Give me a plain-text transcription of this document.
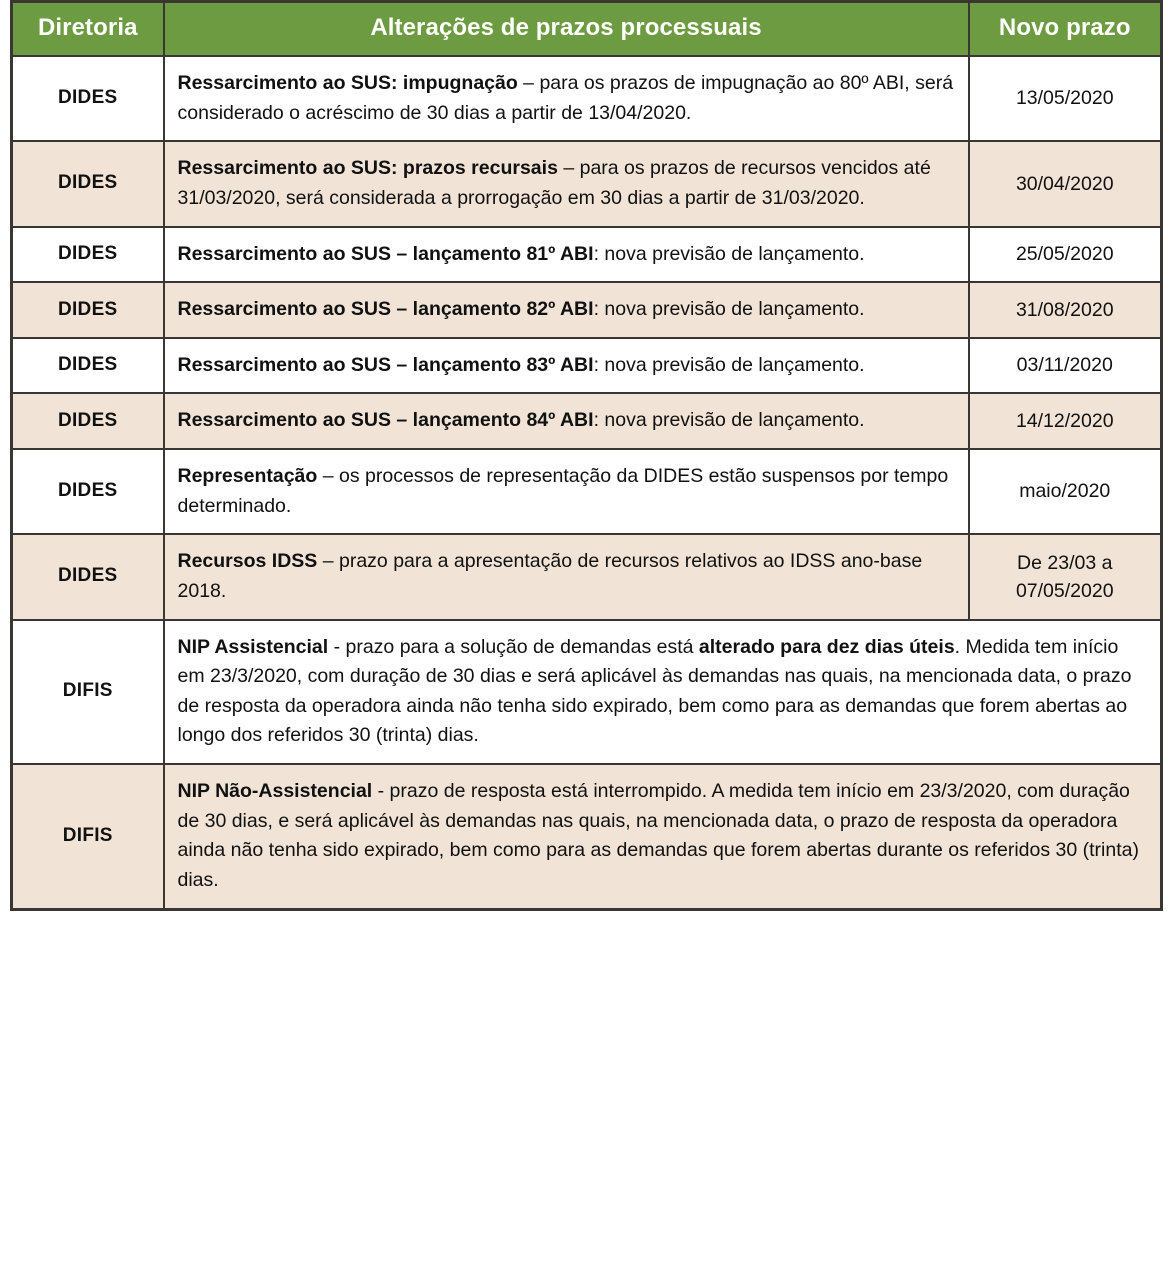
Diretoria	Alterações de prazos processuais	Novo prazo
DIDES	Ressarcimento ao SUS: impugnação – para os prazos de impugnação ao 80º ABI, será considerado o acréscimo de 30 dias a partir de 13/04/2020.	13/05/2020
DIDES	Ressarcimento ao SUS: prazos recursais – para os prazos de recursos vencidos até 31/03/2020, será considerada a prorrogação em 30 dias a partir de 31/03/2020.	30/04/2020
DIDES	Ressarcimento ao SUS – lançamento 81º ABI: nova previsão de lançamento.	25/05/2020
DIDES	Ressarcimento ao SUS – lançamento 82º ABI: nova previsão de lançamento.	31/08/2020
DIDES	Ressarcimento ao SUS – lançamento 83º ABI: nova previsão de lançamento.	03/11/2020
DIDES	Ressarcimento ao SUS – lançamento 84º ABI: nova previsão de lançamento.	14/12/2020
DIDES	Representação – os processos de representação da DIDES estão suspensos por tempo determinado.	maio/2020
DIDES	Recursos IDSS – prazo para a apresentação de recursos relativos ao IDSS ano-base 2018.	De 23/03 a 07/05/2020
DIFIS	NIP Assistencial - prazo para a solução de demandas está alterado para dez dias úteis. Medida tem início em 23/3/2020, com duração de 30 dias e será aplicável às demandas nas quais, na mencionada data, o prazo de resposta da operadora ainda não tenha sido expirado, bem como para as demandas que forem abertas ao longo dos referidos 30 (trinta) dias.	
DIFIS	NIP Não-Assistencial - prazo de resposta está interrompido. A medida tem início em 23/3/2020, com duração de 30 dias, e será aplicável às demandas nas quais, na mencionada data, o prazo de resposta da operadora ainda não tenha sido expirado, bem como para as demandas que forem abertas durante os referidos 30 (trinta) dias.	
